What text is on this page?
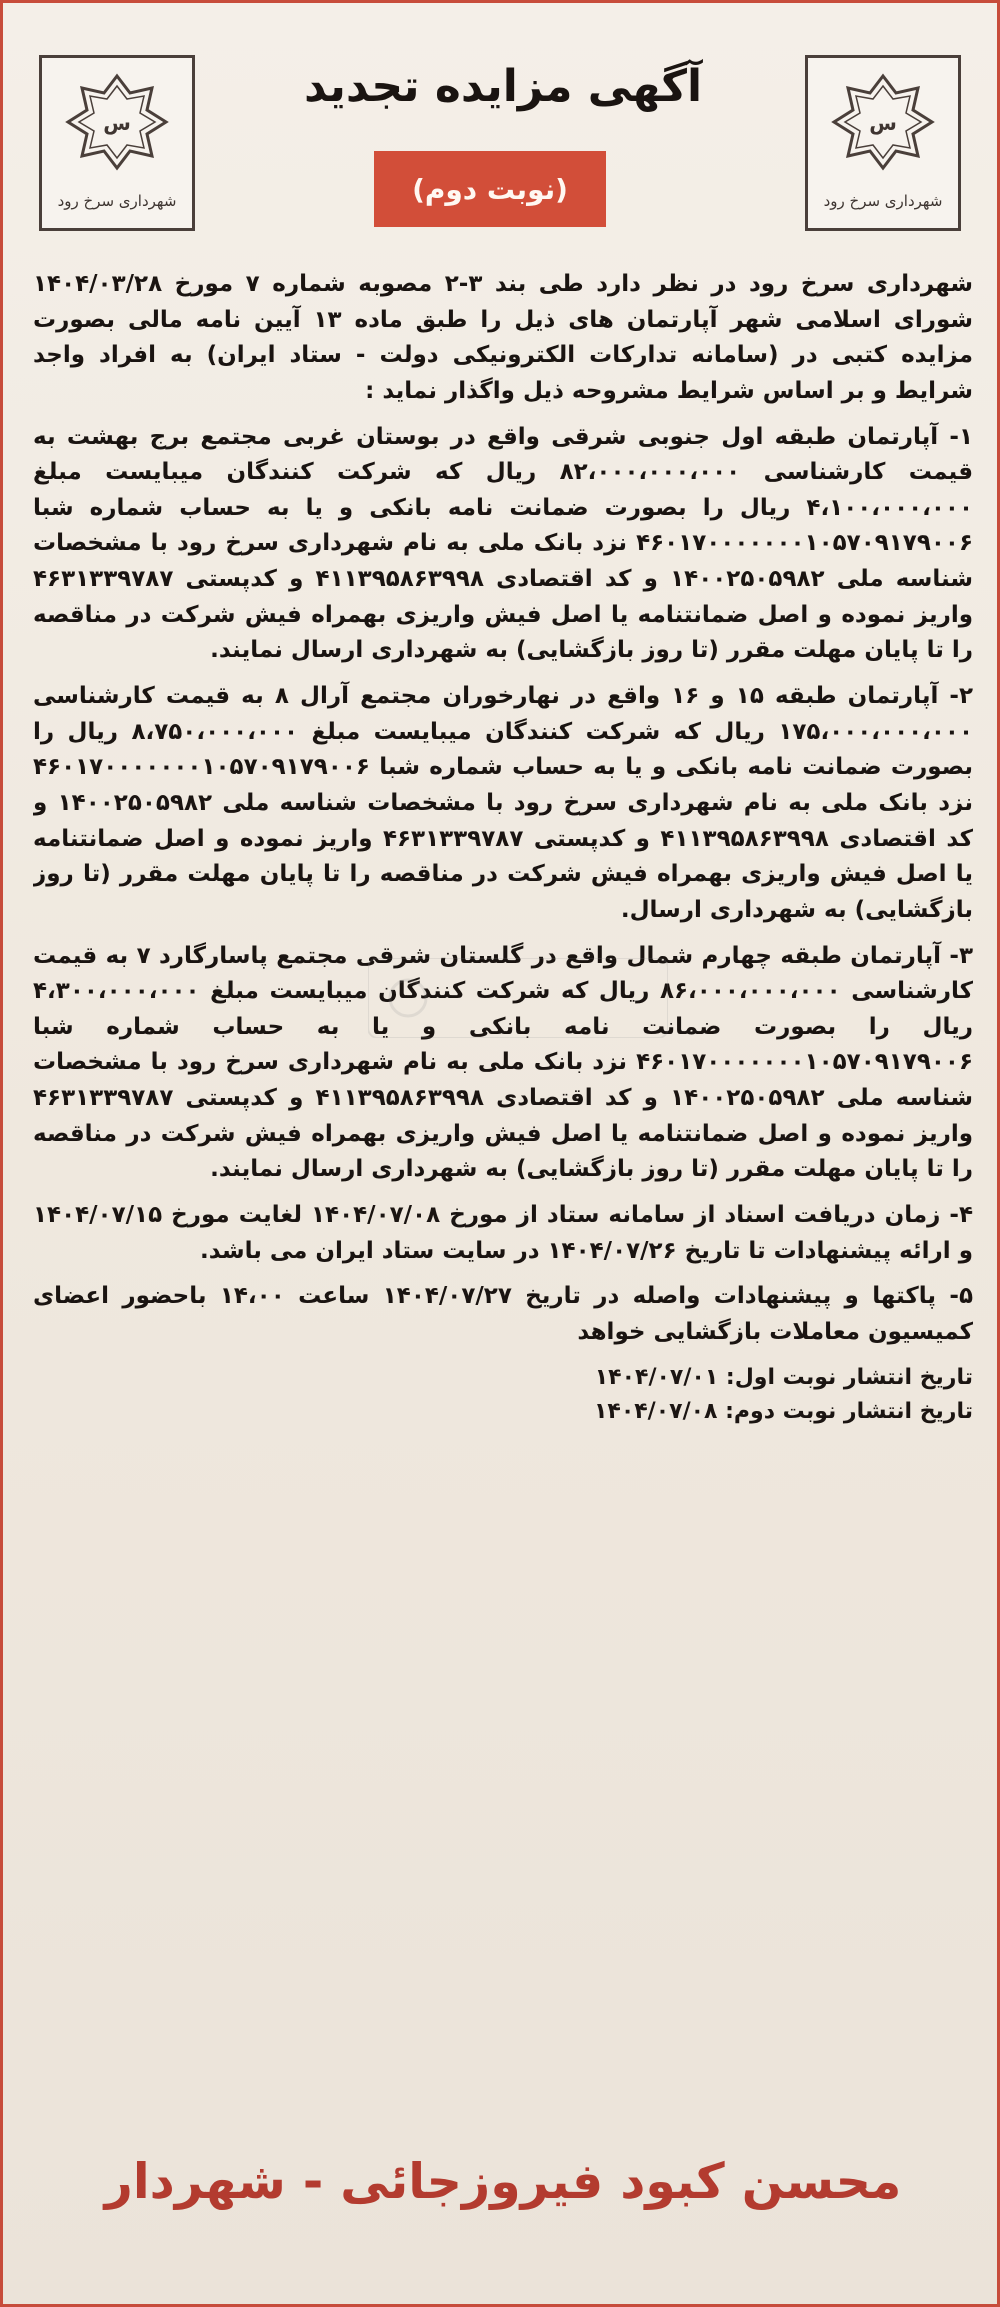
س
شهرداری سرخ رود
س
شهرداری سرخ رود
آگهی مزایده تجدید
(نوبت دوم)

شهرداری سرخ رود در نظر دارد طی بند ۳-۲ مصوبه شماره ۷ مورخ ۱۴۰۴/۰۳/۲۸ شورای اسلامی شهر آپارتمان های ذیل را طبق ماده ۱۳ آیین نامه مالی بصورت مزایده کتبی در (سامانه تدارکات الکترونیکی دولت - ستاد ایران) به افراد واجد شرایط و بر اساس شرایط مشروحه ذیل واگذار نماید :

۱- آپارتمان طبقه اول جنوبی شرقی واقع در بوستان غربی مجتمع برج بهشت به قیمت کارشناسی ۸۲،۰۰۰،۰۰۰،۰۰۰ ریال که شرکت کنندگان میبایست مبلغ ۴،۱۰۰،۰۰۰،۰۰۰ ریال را بصورت ضمانت نامه بانکی و یا به حساب شماره شبا ۴۶۰۱۷۰۰۰۰۰۰۰۱۰۵۷۰۹۱۷۹۰۰۶ نزد بانک ملی به نام شهرداری سرخ رود با مشخصات شناسه ملی ۱۴۰۰۲۵۰۵۹۸۲ و کد اقتصادی ۴۱۱۳۹۵۸۶۳۹۹۸ و کدپستی ۴۶۳۱۳۳۹۷۸۷ واریز نموده و اصل ضمانتنامه یا اصل فیش واریزی بهمراه فیش شرکت در مناقصه را تا پایان مهلت مقرر (تا روز بازگشایی) به شهرداری ارسال نمایند.

۲- آپارتمان طبقه ۱۵ و ۱۶ واقع در نهارخوران مجتمع آرال ۸ به قیمت کارشناسی ۱۷۵،۰۰۰،۰۰۰،۰۰۰ ریال که شرکت کنندگان میبایست مبلغ ۸،۷۵۰،۰۰۰،۰۰۰ ریال را بصورت ضمانت نامه بانکی و یا به حساب شماره شبا ۴۶۰۱۷۰۰۰۰۰۰۰۱۰۵۷۰۹۱۷۹۰۰۶ نزد بانک ملی به نام شهرداری سرخ رود با مشخصات شناسه ملی ۱۴۰۰۲۵۰۵۹۸۲ و کد اقتصادی ۴۱۱۳۹۵۸۶۳۹۹۸ و کدپستی ۴۶۳۱۳۳۹۷۸۷ واریز نموده و اصل ضمانتنامه یا اصل فیش واریزی بهمراه فیش شرکت در مناقصه را تا پایان مهلت مقرر (تا روز بازگشایی) به شهرداری ارسال.

۳- آپارتمان طبقه چهارم شمال واقع در گلستان شرقی مجتمع پاسارگارد ۷ به قیمت کارشناسی ۸۶،۰۰۰،۰۰۰،۰۰۰ ریال که شرکت کنندگان میبایست مبلغ ۴،۳۰۰،۰۰۰،۰۰۰ ریال را بصورت ضمانت نامه بانکی و یا به حساب شماره شبا ۴۶۰۱۷۰۰۰۰۰۰۰۱۰۵۷۰۹۱۷۹۰۰۶ نزد بانک ملی به نام شهرداری سرخ رود با مشخصات شناسه ملی ۱۴۰۰۲۵۰۵۹۸۲ و کد اقتصادی ۴۱۱۳۹۵۸۶۳۹۹۸ و کدپستی ۴۶۳۱۳۳۹۷۸۷ واریز نموده و اصل ضمانتنامه یا اصل فیش واریزی بهمراه فیش شرکت در مناقصه را تا پایان مهلت مقرر (تا روز بازگشایی) به شهرداری ارسال نمایند.

۴- زمان دریافت اسناد از سامانه ستاد از مورخ ۱۴۰۴/۰۷/۰۸ لغایت مورخ ۱۴۰۴/۰۷/۱۵ و ارائه پیشنهادات تا تاریخ ۱۴۰۴/۰۷/۲۶ در سایت ستاد ایران می باشد.

۵- پاکتها و پیشنهادات واصله در تاریخ ۱۴۰۴/۰۷/۲۷ ساعت ۱۴،۰۰ باحضور اعضای کمیسیون معاملات بازگشایی خواهد

تاریخ انتشار نوبت اول: ۱۴۰۴/۰۷/۰۱

تاریخ انتشار نوبت دوم: ۱۴۰۴/۰۷/۰۸

محسن کبود فیروزجائی - شهردار
